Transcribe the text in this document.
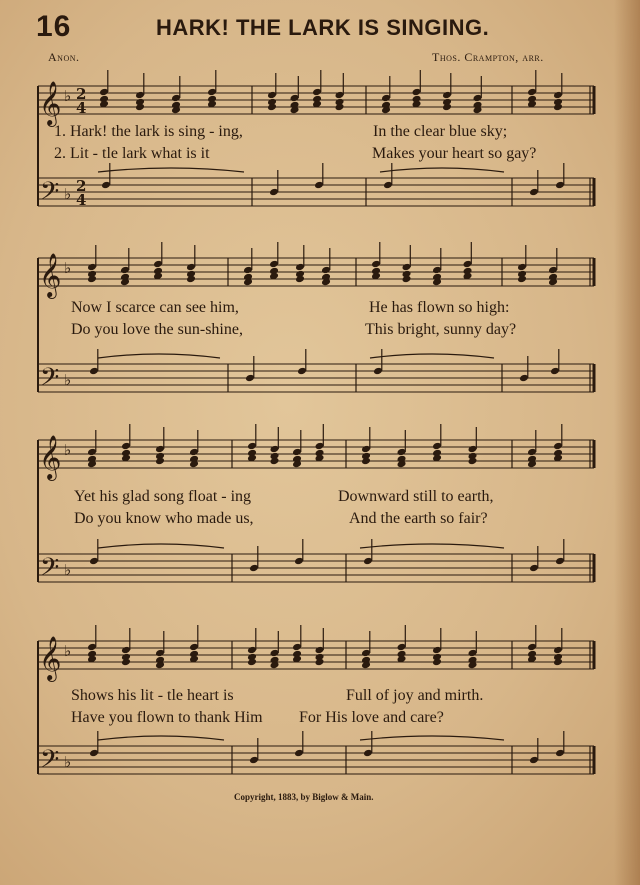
16	HARK! THE LARK IS SINGING.
Anon.	Thos. Crampton, arr.
𝄞
𝄢
♭
♭
2
2
4
4
𝄞
𝄢
♭
♭
𝄞
𝄢
♭
♭
𝄞
𝄢
♭
♭
1. Hark! the lark is sing - ing,	In the clear blue sky;
2. Lit - tle lark what is it	Makes your heart so gay?
Now I scarce can see him,	He has flown so high:
Do you love the sun-shine,	This bright, sunny day?
Yet his glad song float - ing	Downward still to earth,
Do you know who made us,	And the earth so fair?
Shows his lit - tle heart is	Full of joy and mirth.
Have you flown to thank Him For His love and care?
Copyright, 1883, by Biglow & Main.
